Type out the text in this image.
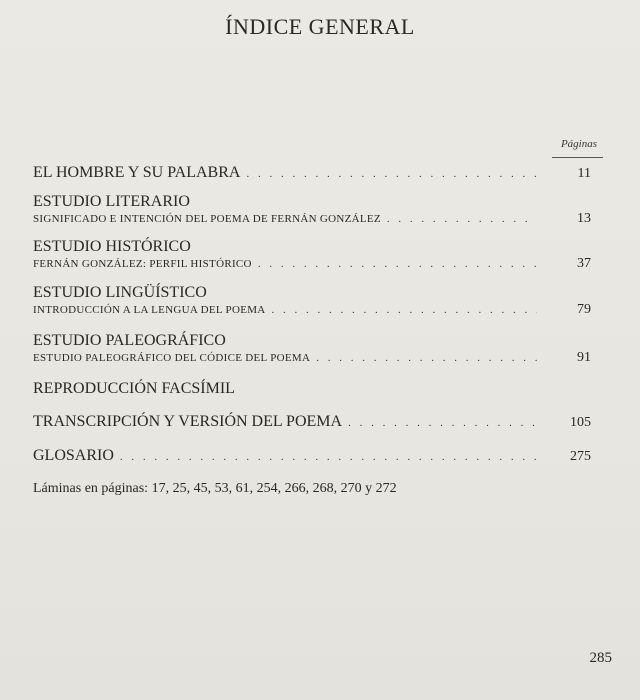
ÍNDICE GENERAL
Páginas
EL HOMBRE Y SU PALABRA . . .	11
ESTUDIO LITERARIO
SIGNIFICADO E INTENCIÓN DEL POEMA DE FERNÁN GONZÁLEZ . . .	13
ESTUDIO HISTÓRICO
FERNÁN GONZÁLEZ: PERFIL HISTÓRICO . . .	37
ESTUDIO LINGÜÍSTICO
INTRODUCCIÓN A LA LENGUA DEL POEMA . . .	79
ESTUDIO PALEOGRÁFICO
ESTUDIO PALEOGRÁFICO DEL CÓDICE DEL POEMA . . .	91
REPRODUCCIÓN FACSÍMIL
TRANSCRIPCIÓN Y VERSIÓN DEL POEMA . . .	105
GLOSARIO . . .	275
Láminas en páginas: 17, 25, 45, 53, 61, 254, 266, 268, 270 y 272
285
